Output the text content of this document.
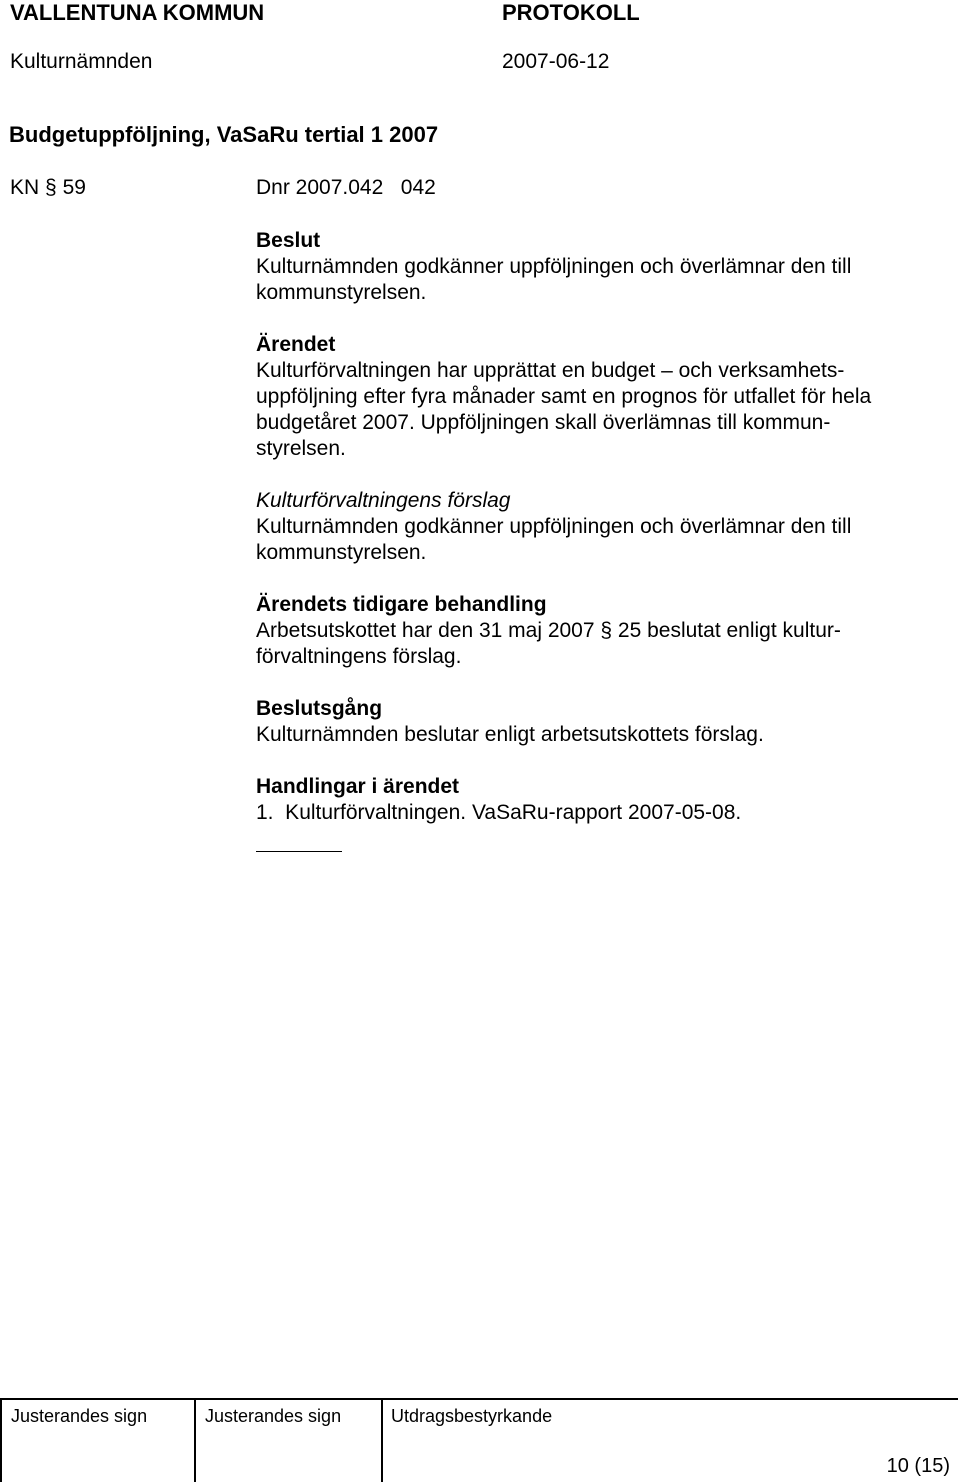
VALLENTUNA KOMMUN	PROTOKOLL
Kulturnämnden	2007-06-12
Budgetuppföljning, VaSaRu tertial 1 2007
KN § 59	Dnr 2007.042   042

Beslut

Kulturnämnden godkänner uppföljningen och överlämnar den till kommunstyrelsen.

Ärendet

Kulturförvaltningen har upprättat en budget – och verksamhets-

uppföljning efter fyra månader samt en prognos för utfallet för hela

budgetåret 2007. Uppföljningen skall överlämnas till kommun-

styrelsen.

Kulturförvaltningens förslag

Kulturnämnden godkänner uppföljningen och överlämnar den till kommunstyrelsen.

Ärendets tidigare behandling

Arbetsutskottet har den 31 maj 2007 § 25 beslutat enligt kultur-

förvaltningens förslag.

Beslutsgång

Kulturnämnden beslutar enligt arbetsutskottets förslag.

Handlingar i ärendet

1.  Kulturförvaltningen. VaSaRu-rapport 2007-05-08.

Justerandes sign	Justerandes sign	Utdragsbestyrkande
10 (15)
